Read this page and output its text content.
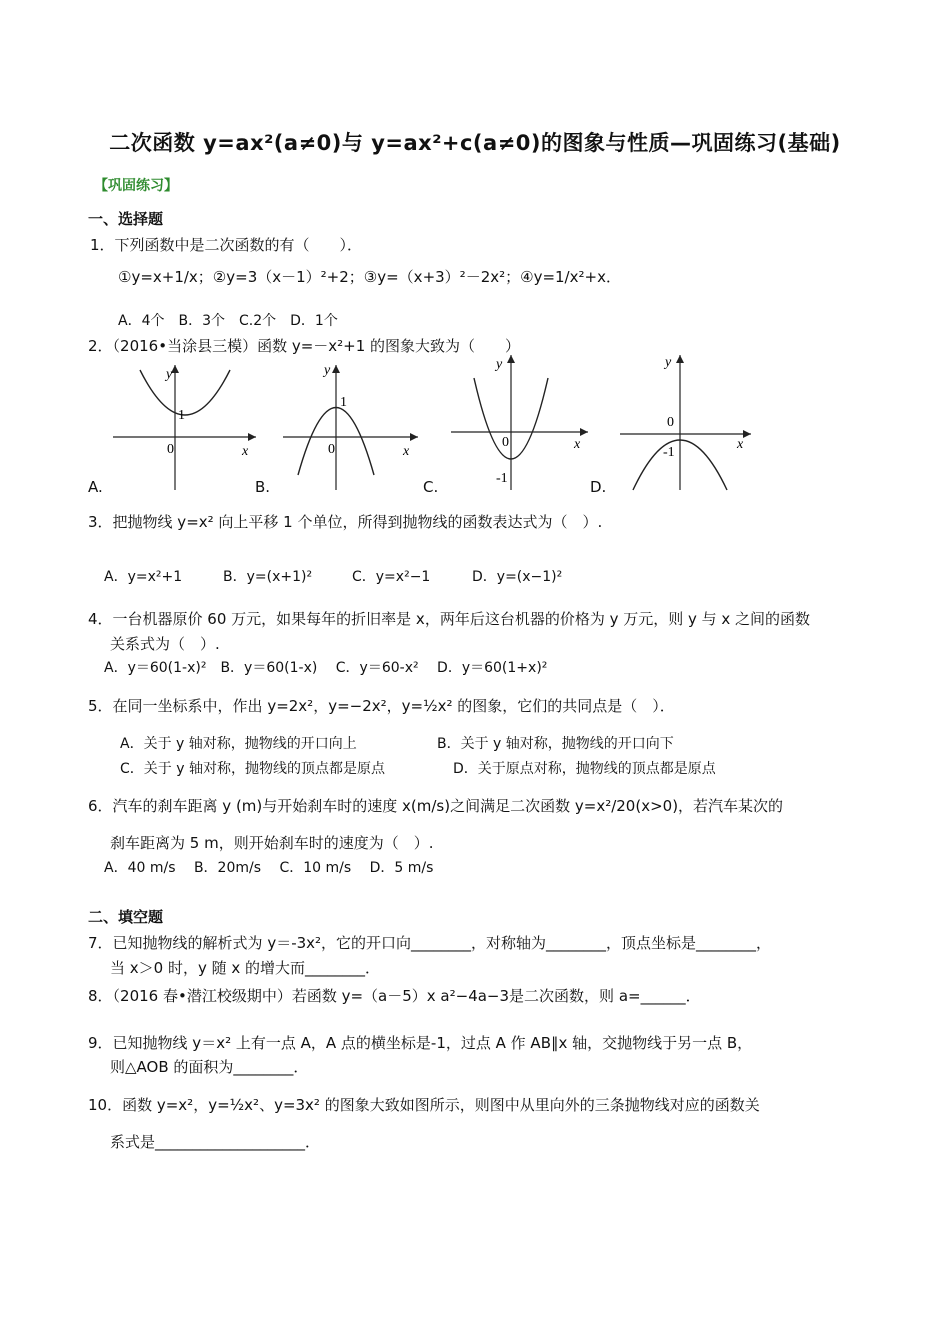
二次函数 y=ax²(a≠0)与 y=ax²+c(a≠0)的图象与性质—巩固练习(基础)
【巩固练习】
一、选择题
1．下列函数中是二次函数的有（　　）．
①y=x+1/x；②y=3（x－1）²+2；③y=（x+3）²－2x²；④y=1/x²+x．
A．4个　B．3个　C.2个　D．1个
2．（2016•当涂县三模）函数 y=－x²+1 的图象大致为（　　）
y
x
1
0
A.
y
x
1
0
B.
y
x
0
-1
C.
y
x
0
-1
D.
3．把抛物线 y=x² 向上平移 1 个单位，所得到抛物线的函数表达式为（　）.
A．y=x²+1	B．y=(x+1)²	C．y=x²−1	D．y=(x−1)²
4．一台机器原价 60 万元，如果每年的折旧率是 x，两年后这台机器的价格为 y 万元，则 y 与 x 之间的函数
关系式为（　）.
A．y＝60(1-x)²　B．y＝60(1-x)　 C．y＝60-x²　 D．y＝60(1+x)²
5．在同一坐标系中，作出 y=2x²，y=−2x²，y=½x² 的图象，它们的共同点是（　）．
A．关于 y 轴对称，抛物线的开口向上	B．关于 y 轴对称，抛物线的开口向下
C．关于 y 轴对称，抛物线的顶点都是原点	D．关于原点对称，抛物线的顶点都是原点
6．汽车的刹车距离 y (m)与开始刹车时的速度 x(m/s)之间满足二次函数 y=x²/20(x>0)，若汽车某次的
刹车距离为 5 m，则开始刹车时的速度为（　）.
A．40 m/s　 B．20m/s　 C．10 m/s　 D．5 m/s
二、填空题
7．已知抛物线的解析式为 y＝-3x²，它的开口向________，对称轴为________，顶点坐标是________，
当 x＞0 时，y 随 x 的增大而________．
8．（2016 春•潜江校级期中）若函数 y=（a－5）x a²−4a−3是二次函数，则 a=______．
9．已知抛物线 y＝x² 上有一点 A，A 点的横坐标是-1，过点 A 作 AB∥x 轴，交抛物线于另一点 B，
则△AOB 的面积为________．
10．函数 y=x²，y=½x²、y=3x² 的图象大致如图所示，则图中从里向外的三条抛物线对应的函数关
系式是____________________．
